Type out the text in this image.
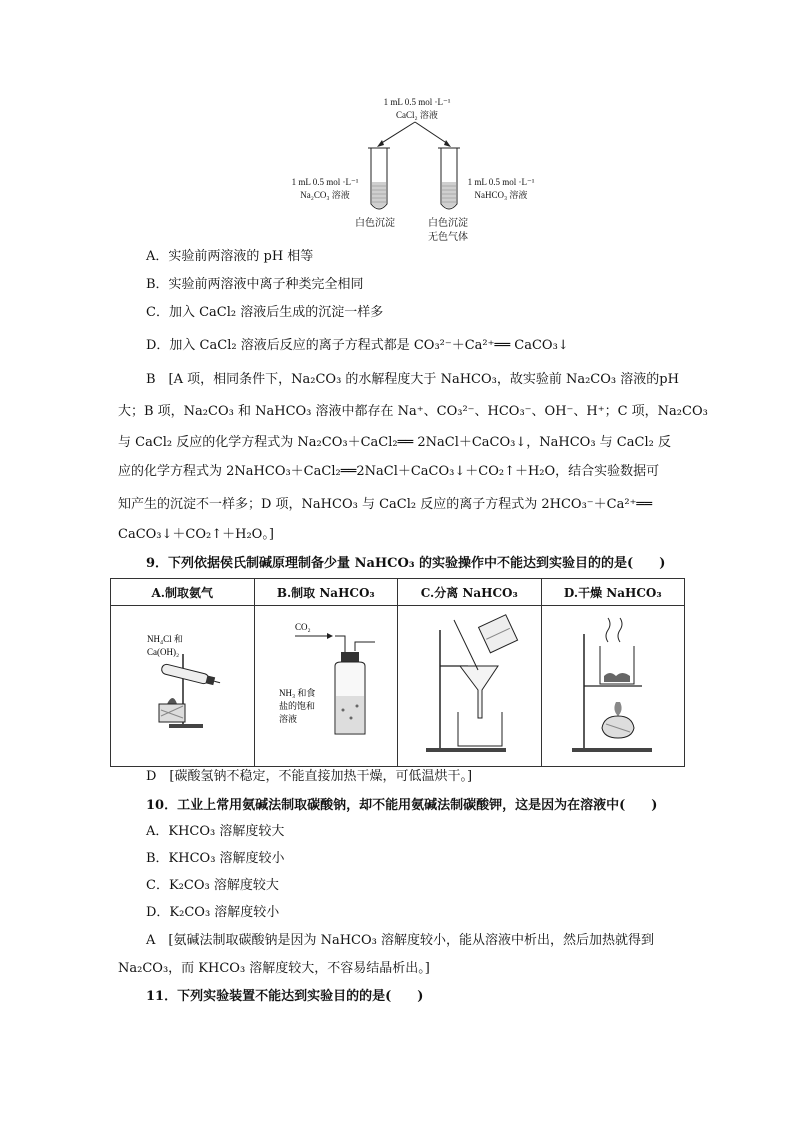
1 mL 0.5 mol ·L⁻¹
CaCl₂ 溶液
1 mL 0.5 mol ·L⁻¹
Na₂CO₃ 溶液
1 mL 0.5 mol ·L⁻¹
NaHCO₃ 溶液
白色沉淀	白色沉淀
无色气体
A．实验前两溶液的 pH 相等
B．实验前两溶液中离子种类完全相同
C．加入 CaCl₂ 溶液后生成的沉淀一样多
D．加入 CaCl₂ 溶液后反应的离子方程式都是 CO₃²⁻＋Ca²⁺══ CaCO₃↓
B　[A 项，相同条件下，Na₂CO₃ 的水解程度大于 NaHCO₃，故实验前 Na₂CO₃ 溶液的pH
大；B 项，Na₂CO₃ 和 NaHCO₃ 溶液中都存在 Na⁺、CO₃²⁻、HCO₃⁻、OH⁻、H⁺；C 项，Na₂CO₃
与 CaCl₂ 反应的化学方程式为 Na₂CO₃＋CaCl₂══ 2NaCl＋CaCO₃↓，NaHCO₃ 与 CaCl₂ 反
应的化学方程式为 2NaHCO₃＋CaCl₂══2NaCl＋CaCO₃↓＋CO₂↑＋H₂O，结合实验数据可
知产生的沉淀不一样多；D 项，NaHCO₃ 与 CaCl₂ 反应的离子方程式为 2HCO₃⁻＋Ca²⁺══
CaCO₃↓＋CO₂↑＋H₂O。]
9．下列依据侯氏制碱原理制备少量 NaHCO₃ 的实验操作中不能达到实验目的的是(　　)
A.制取氨气	B.制取 NaHCO₃	C.分离 NaHCO₃	D.干燥 NaHCO₃

NH₄Cl 和
Ca(OH)₂	CO₂
NH₃ 和食
盐的饱和
溶液

D　[碳酸氢钠不稳定，不能直接加热干燥，可低温烘干。]
10．工业上常用氨碱法制取碳酸钠，却不能用氨碱法制碳酸钾，这是因为在溶液中(　　)
A．KHCO₃ 溶解度较大
B．KHCO₃ 溶解度较小
C．K₂CO₃ 溶解度较大
D．K₂CO₃ 溶解度较小
A　[氨碱法制取碳酸钠是因为 NaHCO₃ 溶解度较小，能从溶液中析出，然后加热就得到
Na₂CO₃，而 KHCO₃ 溶解度较大，不容易结晶析出。]
11．下列实验装置不能达到实验目的的是(　　)
